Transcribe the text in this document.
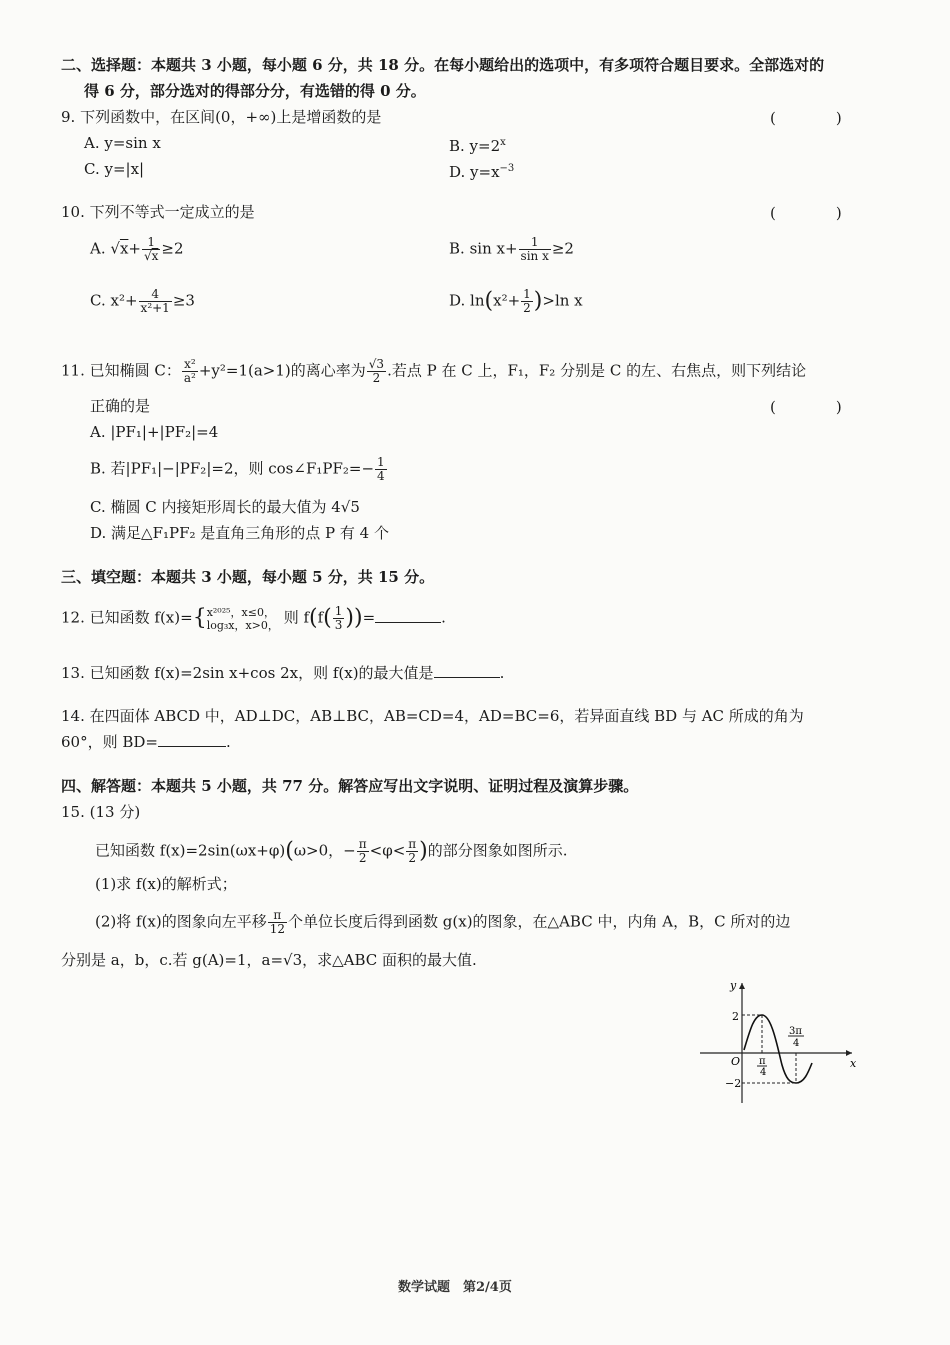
二、选择题：本题共 3 小题，每小题 6 分，共 18 分。在每小题给出的选项中，有多项符合题目要求。全部选对的
得 6 分，部分选对的得部分分，有选错的得 0 分。
9. 下列函数中，在区间(0，+∞)上是增函数的是	(　　　　)
A. y=sin x	B. $y=2^x$
C. y=|x|	D. $y=x^{-3}$
10. 下列不等式一定成立的是	(　　　　)
A. $√x+ \frac{1}{√x} \ge 2$	B. $\sin x+ \frac{1}{\text{sin x}} \ge 2$
C. $x^2+ \frac{4}{\text{x²+1}} \ge 3$	D. $\ln(x^2+ \frac{1}{2} )>\ln$ x
11. 已知椭圆 C： $\frac{\text{x²}}{\text{a²}} +y^2=1(a>1)$的离心率为 $\frac{√3}{2}$ .若点 P 在 C 上，F₁，F₂ 分别是 C 的左、右焦点，则下列结论
正确的是	(　　　　)
A. |PF₁|+|PF₂|=4
B. 若|PF₁|−|PF₂|=2，则 cos∠F₁PF₂=− $\frac{1}{4}$
C. 椭圆 C 内接矩形周长的最大值为 4√5
D. 满足△F₁PF₂ 是直角三角形的点 P 有 4 个
三、填空题：本题共 3 小题，每小题 5 分，共 15 分。
12. 已知函数 f(x)={ x²⁰²⁵，x≤0，
log₃x，x>0， 则 $f(f( \frac{1}{3}$ ))=	.
13. 已知函数 f(x)=2sin x+cos 2x，则 f(x)的最大值是	.
14. 在四面体 ABCD 中，AD⊥DC，AB⊥BC，AB=CD=4，AD=BC=6，若异面直线 BD 与 AC 所成的角为
60°，则 BD=	.
四、解答题：本题共 5 小题，共 77 分。解答应写出文字说明、证明过程及演算步骤。
15. (13 分)
已知函数 f(x)=2sin(ωx+φ)(ω>0，− $\frac{\pi}{2} <\varphi< \frac{\pi}{2}$ )的部分图象如图所示.
(1)求 f(x)的解析式；
(2)将 f(x)的图象向左平移 $\frac{\pi}{12}$ 个单位长度后得到函数 g(x)的图象，在△ABC 中，内角 A，B，C 所对的边
分别是 a，b，c.若 g(A)=1，a=√3，求△ABC 面积的最大值.
y
x
O
2
−2
π
4
3π
4
数学试题　第2/4页
